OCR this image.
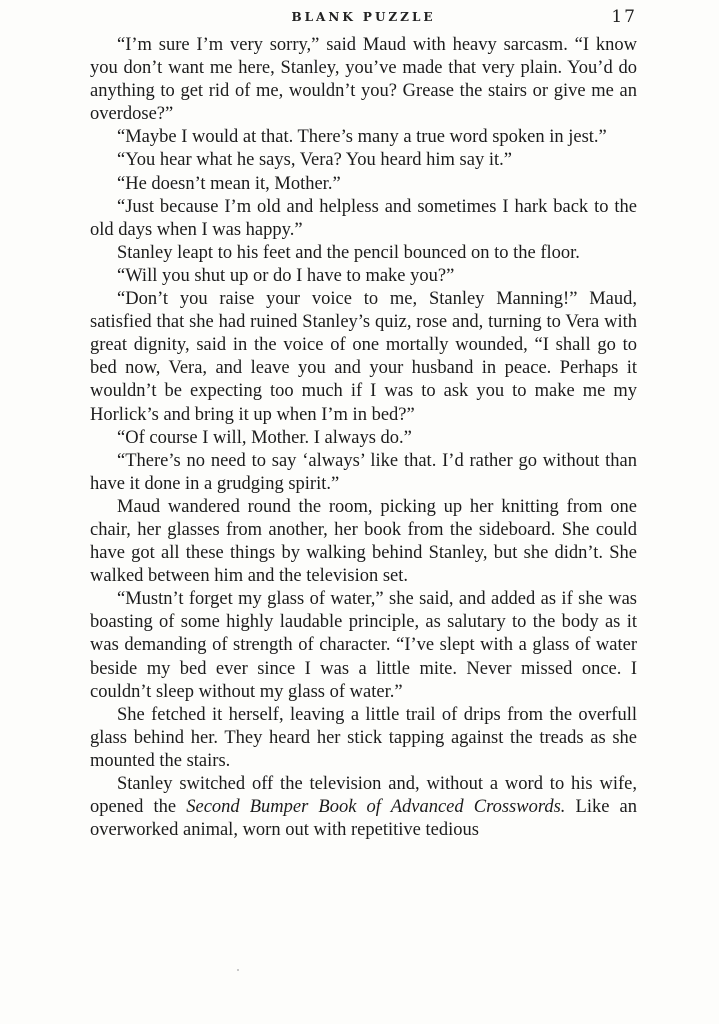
BLANK PUZZLE	17

“I’m sure I’m very sorry,” said Maud with heavy sarcasm. “I know you don’t want me here, Stanley, you’ve made that very plain. You’d do anything to get rid of me, wouldn’t you? Grease the stairs or give me an overdose?”

“Maybe I would at that. There’s many a true word spoken in jest.”

“You hear what he says, Vera? You heard him say it.”

“He doesn’t mean it, Mother.”

“Just because I’m old and helpless and sometimes I hark back to the old days when I was happy.”

Stanley leapt to his feet and the pencil bounced on to the floor.

“Will you shut up or do I have to make you?”

“Don’t you raise your voice to me, Stanley Manning!” Maud, satisfied that she had ruined Stanley’s quiz, rose and, turning to Vera with great dignity, said in the voice of one mortally wounded, “I shall go to bed now, Vera, and leave you and your husband in peace. Perhaps it wouldn’t be expecting too much if I was to ask you to make me my Horlick’s and bring it up when I’m in bed?”

“Of course I will, Mother. I always do.”

“There’s no need to say ‘always’ like that. I’d rather go without than have it done in a grudging spirit.”

Maud wandered round the room, picking up her knitting from one chair, her glasses from another, her book from the sideboard. She could have got all these things by walking behind Stanley, but she didn’t. She walked between him and the television set.

“Mustn’t forget my glass of water,” she said, and added as if she was boasting of some highly laudable principle, as salutary to the body as it was demanding of strength of character. “I’ve slept with a glass of water beside my bed ever since I was a little mite. Never missed once. I couldn’t sleep without my glass of water.”

She fetched it herself, leaving a little trail of drips from the overfull glass behind her. They heard her stick tapping against the treads as she mounted the stairs.

Stanley switched off the television and, without a word to his wife, opened the Second Bumper Book of Advanced Crosswords. Like an overworked animal, worn out with repetitive tedious
